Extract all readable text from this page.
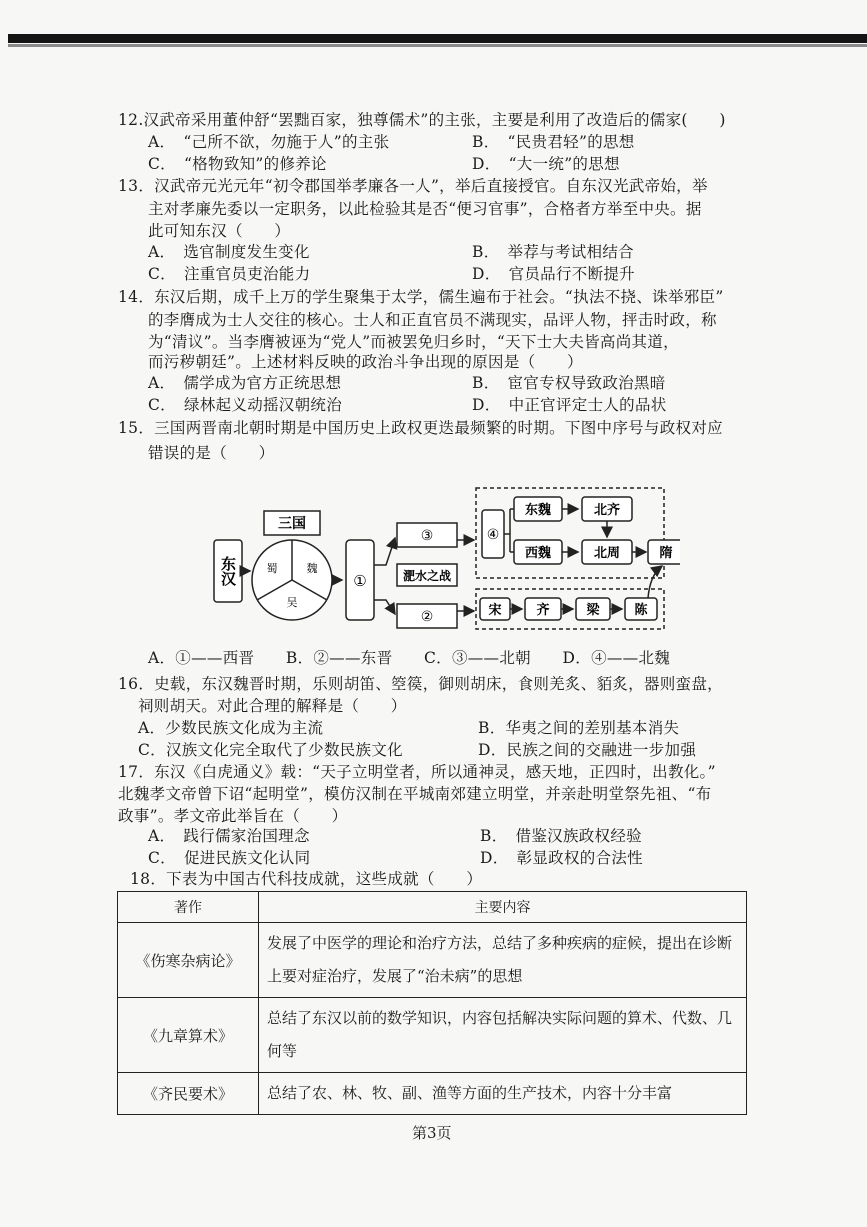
12.汉武帝采用董仲舒“罢黜百家，独尊儒术”的主张，主要是利用了改造后的儒家(　　)
A．　“己所不欲，勿施于人”的主张	B．　“民贵君轻”的思想
C．　“格物致知”的修养论	D．　“大一统”的思想
13．汉武帝元光元年“初令郡国举孝廉各一人”，举后直接授官。自东汉光武帝始，举
主对孝廉先委以一定职务，以此检验其是否“便习官事”，合格者方举至中央。据
此可知东汉（　　）
A．　选官制度发生变化	B．　举荐与考试相结合
C．　注重官员吏治能力	D．　官员品行不断提升
14．东汉后期，成千上万的学生聚集于太学，儒生遍布于社会。“执法不挠、诛举邪臣”
的李膺成为士人交往的核心。士人和正直官员不满现实，品评人物，抨击时政，称
为“清议”。当李膺被诬为“党人”而被罢免归乡时，“天下士大夫皆高尚其道，
而污秽朝廷”。上述材料反映的政治斗争出现的原因是（　　）
A．　儒学成为官方正统思想	B．　宦官专权导致政治黑暗
C．　绿林起义动摇汉朝统治	D．　中正官评定士人的品状
15．三国两晋南北朝时期是中国历史上政权更迭最频繁的时期。下图中序号与政权对应
错误的是（　　）
东汉
三国
蜀	魏
吴
①
③
淝水之战
②
④
东魏	北齐
西魏	北周	隋
宋	齐	梁	陈
A．①——西晋　　B．②——东晋　　C．③——北朝　　D．④——北魏
16．史载，东汉魏晋时期，乐则胡笛、箜篌，御则胡床，食则羌炙、貊炙，器则蛮盘，
祠则胡天。对此合理的解释是（　　）
A．少数民族文化成为主流	B．华夷之间的差别基本消失
C．汉族文化完全取代了少数民族文化	D．民族之间的交融进一步加强
17．东汉《白虎通义》载：“天子立明堂者，所以通神灵，感天地，正四时，出教化。”
北魏孝文帝曾下诏“起明堂”，模仿汉制在平城南郊建立明堂，并亲赴明堂祭先祖、“布
政事”。孝文帝此举旨在（　　）
A．　践行儒家治国理念	B．　借鉴汉族政权经验
C．　促进民族文化认同	D．　彰显政权的合法性
18．下表为中国古代科技成就，这些成就（　　）
著作	主要内容
《伤寒杂病论》	发展了中医学的理论和治疗方法，总结了多种疾病的症候，提出在诊断上要对症治疗，发展了“治未病”的思想
《九章算术》	总结了东汉以前的数学知识，内容包括解决实际问题的算术、代数、几何等
《齐民要术》	总结了农、林、牧、副、渔等方面的生产技术，内容十分丰富
第3页
